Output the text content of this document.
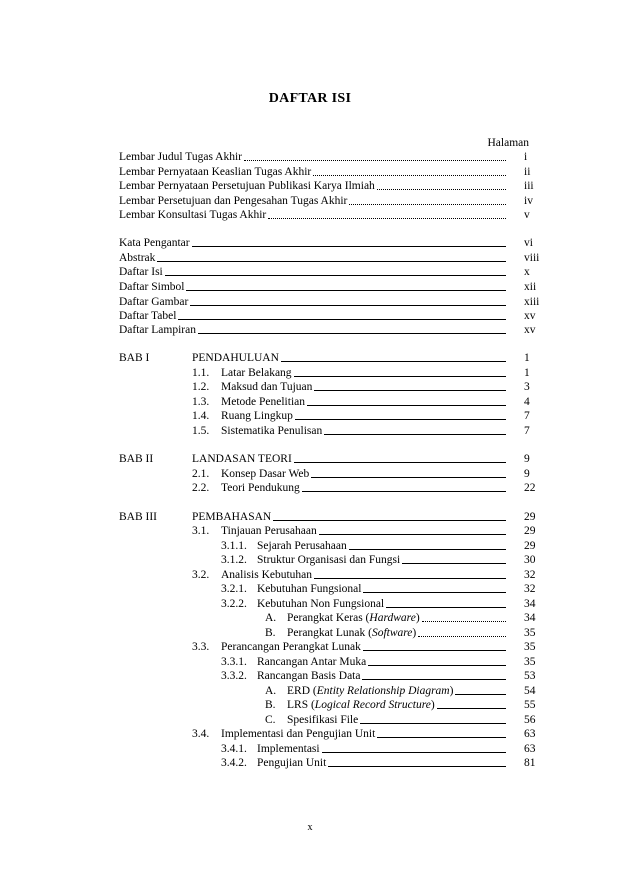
DAFTAR ISI
Halaman
Lembar Judul Tugas Akhir	i
Lembar Pernyataan Keaslian Tugas Akhir	ii
Lembar Pernyataan Persetujuan Publikasi Karya Ilmiah	iii
Lembar Persetujuan dan Pengesahan Tugas Akhir	iv
Lembar Konsultasi Tugas Akhir	v
Kata Pengantar	vi
Abstrak	viii
Daftar Isi	x
Daftar Simbol	xii
Daftar Gambar	xiii
Daftar Tabel	xv
Daftar Lampiran	xv
BAB I	PENDAHULUAN	1
1.1.	Latar Belakang	1
1.2.	Maksud dan Tujuan	3
1.3.	Metode Penelitian	4
1.4.	Ruang Lingkup	7
1.5.	Sistematika Penulisan	7
BAB II	LANDASAN TEORI	9
2.1.	Konsep Dasar Web	9
2.2.	Teori Pendukung	22
BAB III	PEMBAHASAN	29
3.1.	Tinjauan Perusahaan	29
3.1.1. Sejarah Perusahaan	29
3.1.2. Struktur Organisasi dan Fungsi	30
3.2.	Analisis Kebutuhan	32
3.2.1. Kebutuhan Fungsional	32
3.2.2. Kebutuhan Non Fungsional	34
A. Perangkat Keras (Hardware)	34
B. Perangkat Lunak (Software)	35
3.3.	Perancangan Perangkat Lunak	35
3.3.1. Rancangan Antar Muka	35
3.3.2. Rancangan Basis Data	53
A. ERD (Entity Relationship Diagram)	54
B. LRS (Logical Record Structure)	55
C. Spesifikasi File	56
3.4.	Implementasi dan Pengujian Unit	63
3.4.1. Implementasi	63
3.4.2. Pengujian Unit	81
x
